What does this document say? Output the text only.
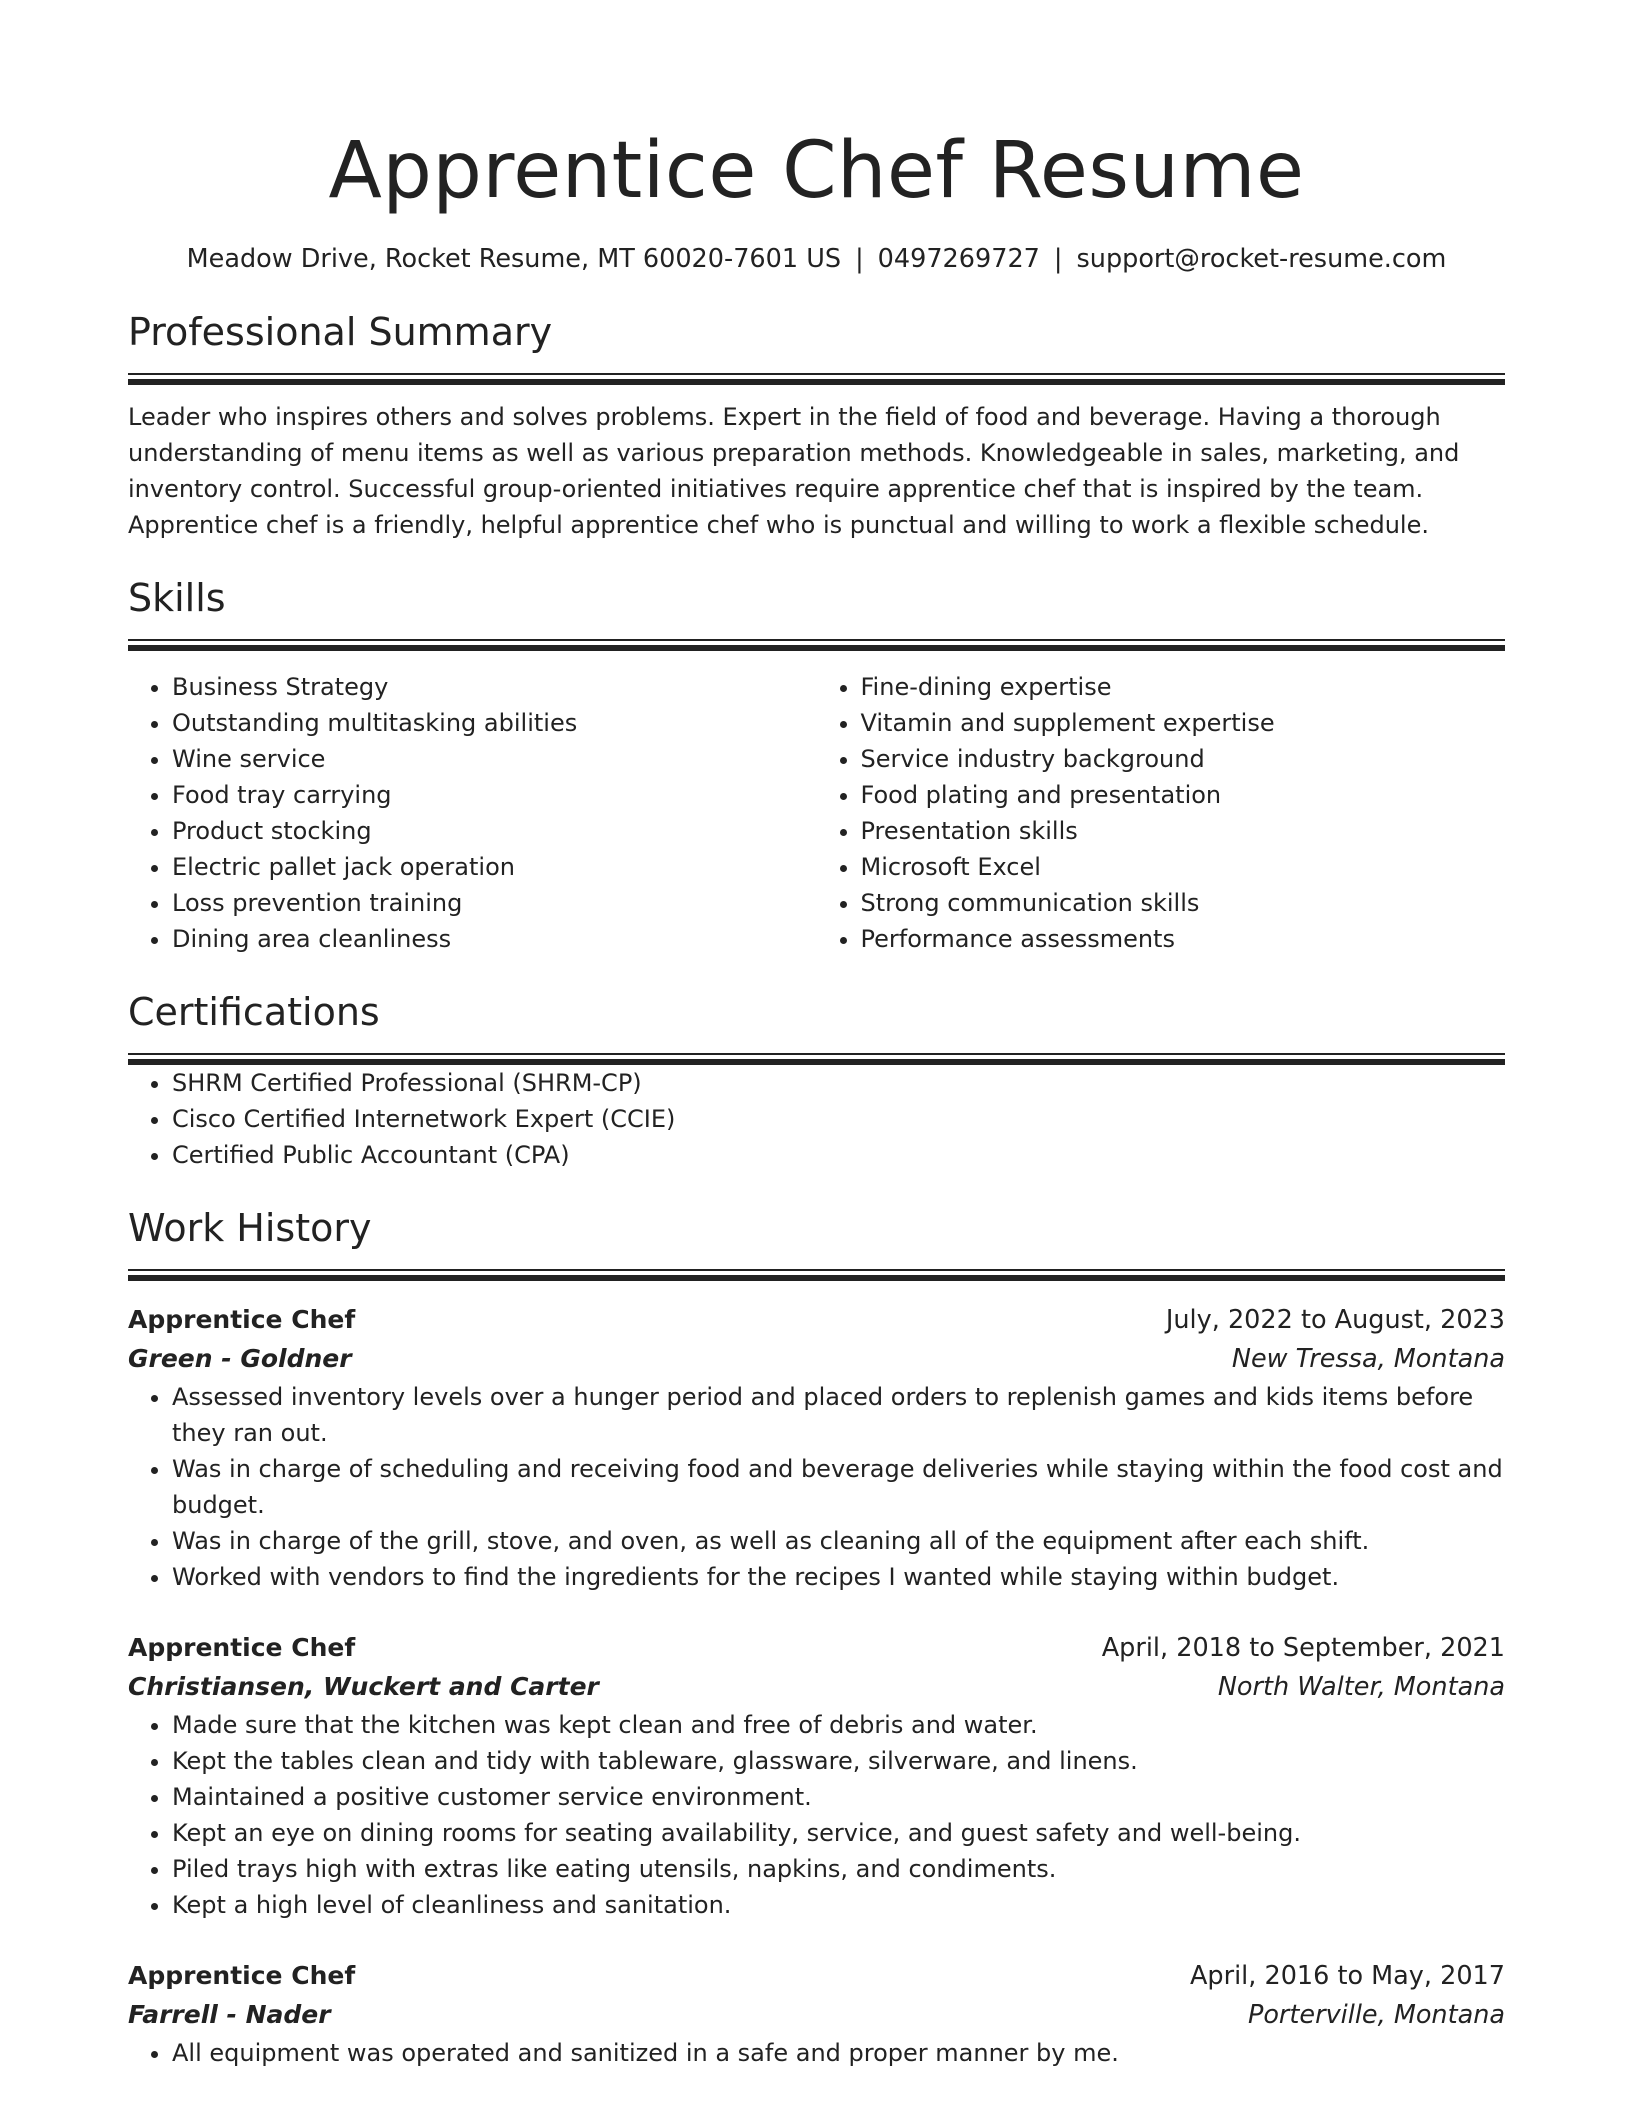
Apprentice Chef Resume
Meadow Drive, Rocket Resume, MT 60020-7601 US | 0497269727 | support@rocket-resume.com
Professional Summary

Leader who inspires others and solves problems. Expert in the field of food and beverage. Having a thorough understanding of menu items as well as various preparation methods. Knowledgeable in sales, marketing, and inventory control. Successful group-oriented initiatives require apprentice chef that is inspired by the team. Apprentice chef is a friendly, helpful apprentice chef who is punctual and willing to work a flexible schedule.

Skills
• Business Strategy
• Outstanding multitasking abilities
• Wine service
• Food tray carrying
• Product stocking
• Electric pallet jack operation
• Loss prevention training
• Dining area cleanliness
• Fine-dining expertise
• Vitamin and supplement expertise
• Service industry background
• Food plating and presentation
• Presentation skills
• Microsoft Excel
• Strong communication skills
• Performance assessments
Certifications
• SHRM Certified Professional (SHRM-CP)
• Cisco Certified Internetwork Expert (CCIE)
• Certified Public Accountant (CPA)
Work History
Apprentice Chef	July, 2022 to August, 2023
Green - Goldner	New Tressa, Montana
• Assessed inventory levels over a hunger period and placed orders to replenish games and kids items before they ran out.
• Was in charge of scheduling and receiving food and beverage deliveries while staying within the food cost and budget.
• Was in charge of the grill, stove, and oven, as well as cleaning all of the equipment after each shift.
• Worked with vendors to find the ingredients for the recipes I wanted while staying within budget.
Apprentice Chef	April, 2018 to September, 2021
Christiansen, Wuckert and Carter	North Walter, Montana
• Made sure that the kitchen was kept clean and free of debris and water.
• Kept the tables clean and tidy with tableware, glassware, silverware, and linens.
• Maintained a positive customer service environment.
• Kept an eye on dining rooms for seating availability, service, and guest safety and well-being.
• Piled trays high with extras like eating utensils, napkins, and condiments.
• Kept a high level of cleanliness and sanitation.
Apprentice Chef	April, 2016 to May, 2017
Farrell - Nader	Porterville, Montana
• All equipment was operated and sanitized in a safe and proper manner by me.
